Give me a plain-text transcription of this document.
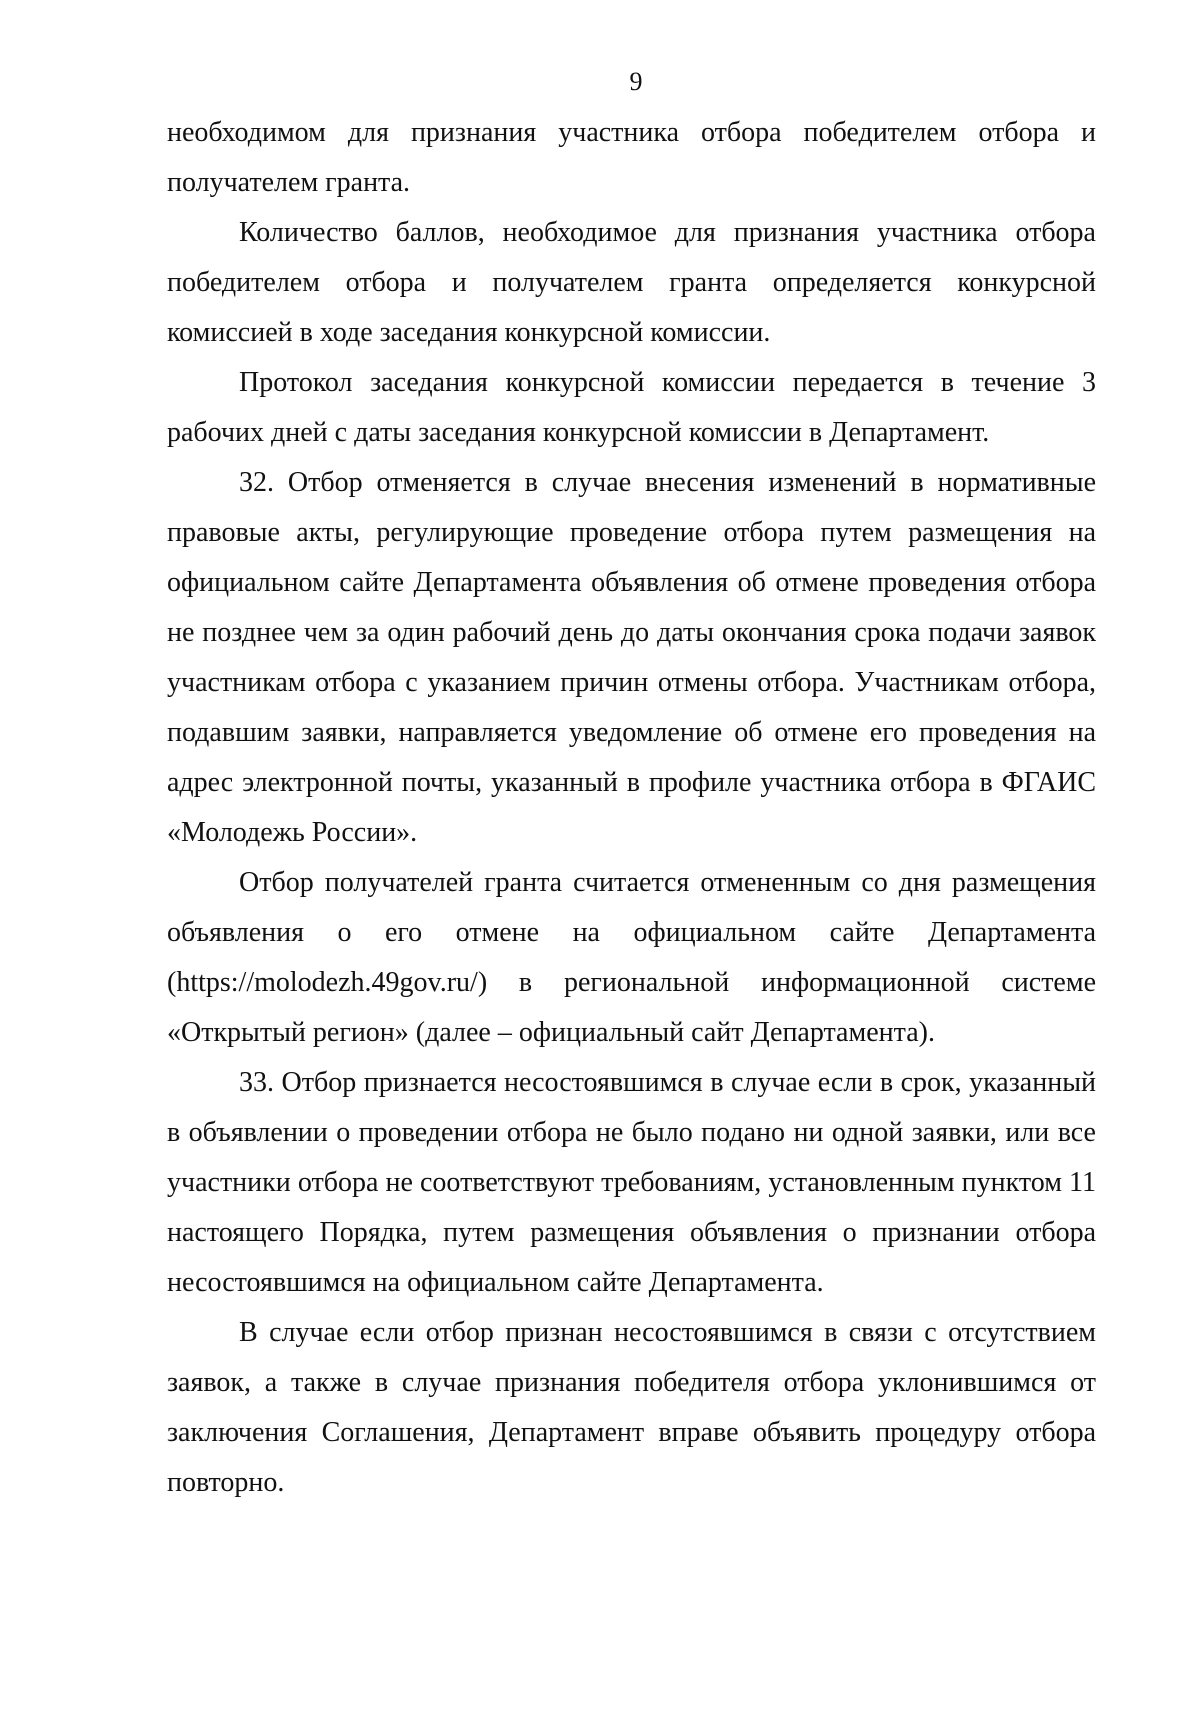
9

необходимом для признания участника отбора победителем отбора и получателем гранта.

Количество баллов, необходимое для признания участника отбора победителем отбора и получателем гранта определяется конкурсной комиссией в ходе заседания конкурсной комиссии.

Протокол заседания конкурсной комиссии передается в течение 3 рабочих дней с даты заседания конкурсной комиссии в Департамент.

32. Отбор отменяется в случае внесения изменений в нормативные правовые акты, регулирующие проведение отбора путем размещения на официальном сайте Департамента объявления об отмене проведения отбора не позднее чем за один рабочий день до даты окончания срока подачи заявок участникам отбора с указанием причин отмены отбора. Участникам отбора, подавшим заявки, направляется уведомление об отмене его проведения на адрес электронной почты, указанный в профиле участника отбора в ФГАИС «Молодежь России».

Отбор получателей гранта считается отмененным со дня размещения объявления о его отмене на официальном сайте Департамента (https://molodezh.49gov.ru/) в региональной информационной системе «Открытый регион» (далее – официальный сайт Департамента).

33. Отбор признается несостоявшимся в случае если в срок, указанный в объявлении о проведении отбора не было подано ни одной заявки, или все участники отбора не соответствуют требованиям, установленным пунктом 11 настоящего Порядка, путем размещения объявления о признании отбора несостоявшимся на официальном сайте Департамента.

В случае если отбор признан несостоявшимся в связи с отсутствием заявок, а также в случае признания победителя отбора уклонившимся от заключения Соглашения, Департамент вправе объявить процедуру отбора повторно.
